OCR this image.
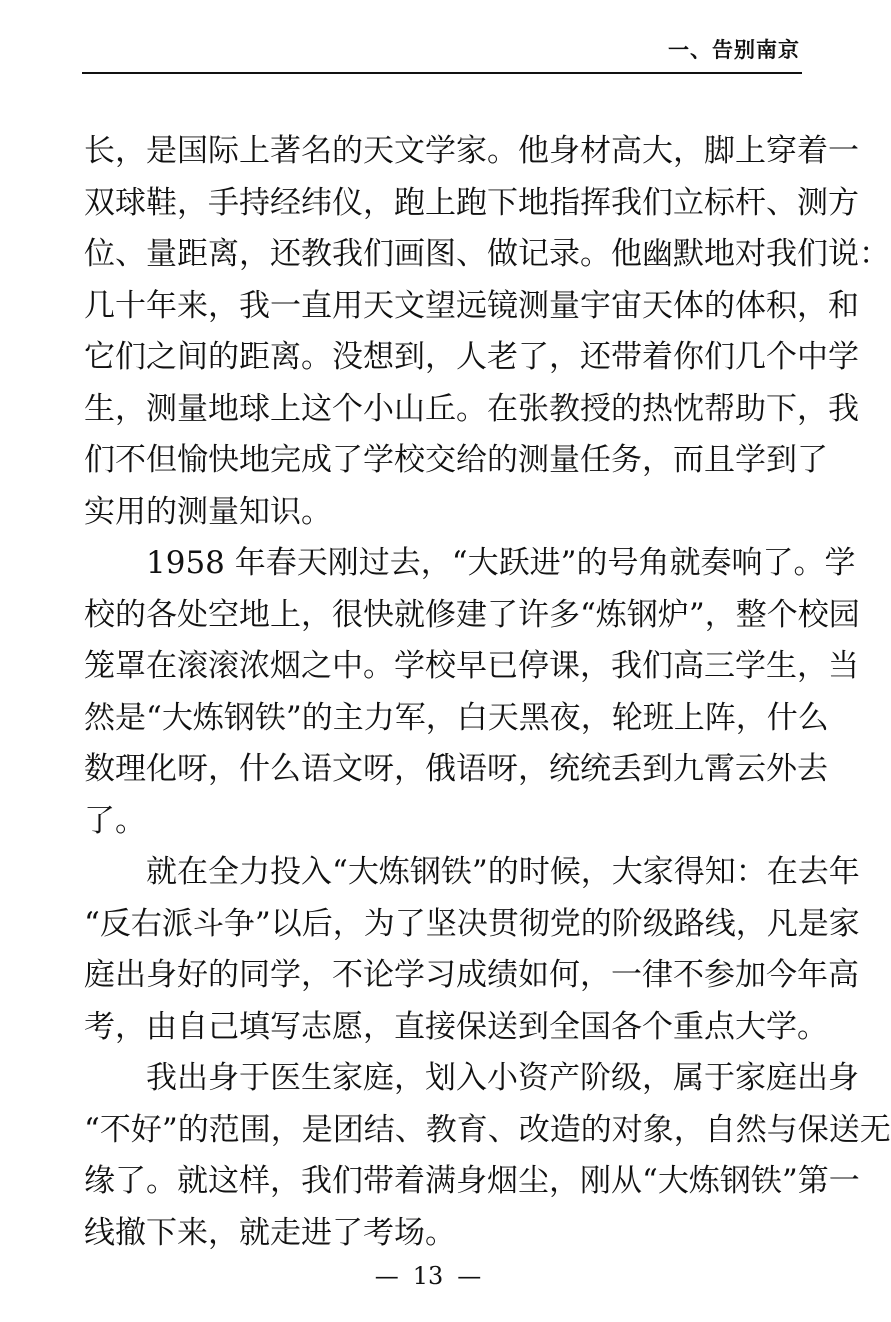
一、告别南京
长，是国际上著名的天文学家。他身材高大，脚上穿着一
双球鞋，手持经纬仪，跑上跑下地指挥我们立标杆、测方
位、量距离，还教我们画图、做记录。他幽默地对我们说：
几十年来，我一直用天文望远镜测量宇宙天体的体积，和
它们之间的距离。没想到，人老了，还带着你们几个中学
生，测量地球上这个小山丘。在张教授的热忱帮助下，我
们不但愉快地完成了学校交给的测量任务，而且学到了
实用的测量知识。
1958 年春天刚过去，“大跃进”的号角就奏响了。学
校的各处空地上，很快就修建了许多“炼钢炉”，整个校园
笼罩在滚滚浓烟之中。学校早已停课，我们高三学生，当
然是“大炼钢铁”的主力军，白天黑夜，轮班上阵，什么
数理化呀，什么语文呀，俄语呀，统统丢到九霄云外去
了。
就在全力投入“大炼钢铁”的时候，大家得知：在去年
“反右派斗争”以后，为了坚决贯彻党的阶级路线，凡是家
庭出身好的同学，不论学习成绩如何，一律不参加今年高
考，由自己填写志愿，直接保送到全国各个重点大学。
我出身于医生家庭，划入小资产阶级，属于家庭出身
“不好”的范围，是团结、教育、改造的对象，自然与保送无
缘了。就这样，我们带着满身烟尘，刚从“大炼钢铁”第一
线撤下来，就走进了考场。
— 13 —
